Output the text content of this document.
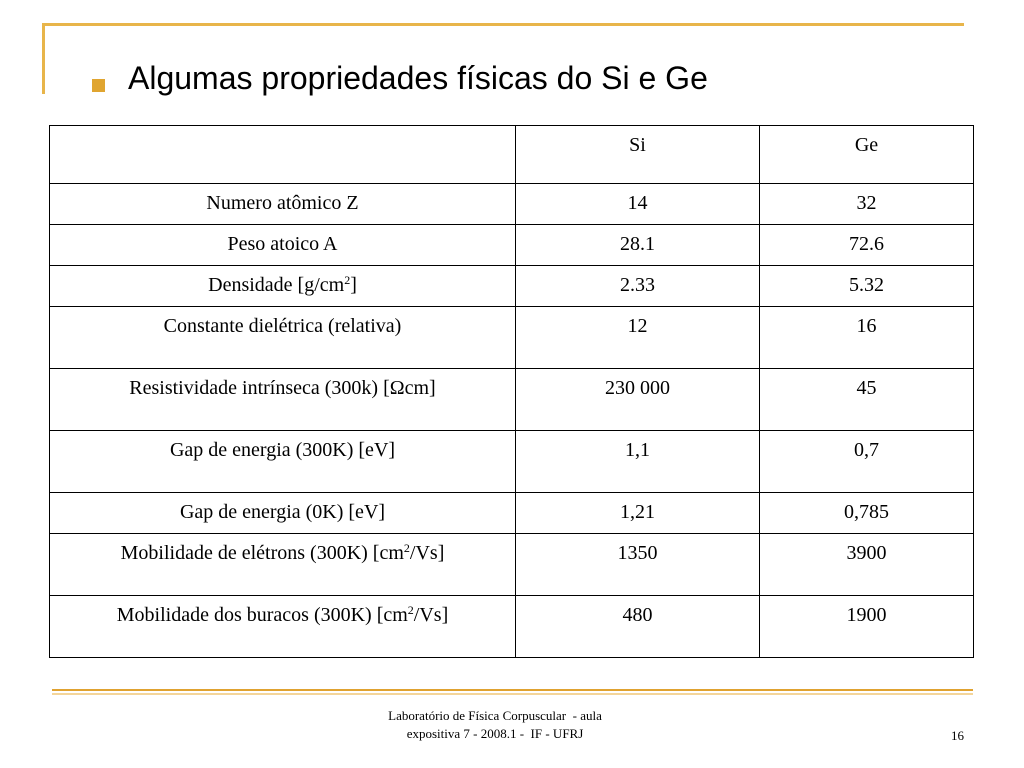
Algumas propriedades físicas do Si e Ge
	Si	Ge
Numero atômico Z	14	32
Peso atoico A	28.1	72.6
Densidade $[g/cm^2]$	2.33	5.32
Constante dielétrica (relativa)	12	16
Resistividade intrínseca (300k) [Ωcm]	230 000	45
Gap de energia (300K) [eV]	1,1	0,7
Gap de energia (0K) [eV]	1,21	0,785
Mobilidade de elétrons (300K) $[cm^2/Vs]$	1350	3900
Mobilidade dos buracos (300K) $[cm^2/Vs]$	480	1900
Laboratório de Física Corpuscular  - aula
expositiva 7 - 2008.1 -  IF - UFRJ	16
